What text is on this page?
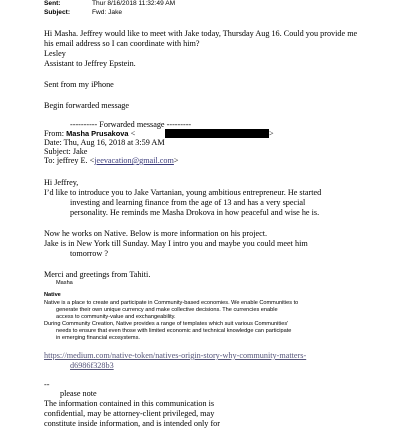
Sent:	Thur 8/16/2018 11:32:49 AM
Subject:	Fwd: Jake
Hi Masha. Jeffrey would like to meet with Jake today, Thursday Aug 16. Could you provide me
his email address so I can coordinate with him?
Lesley
Assistant to Jeffrey Epstein.
Sent from my iPhone
Begin forwarded message
---------- Forwarded message ---------
From: Masha Prusakova <	>
Date: Thu, Aug 16, 2018 at 3:59 AM
Subject: Jake
To: jeffrey E. <jeevacation@gmail.com>
Hi Jeffrey,
I’d like to introduce you to Jake Vartanian, young ambitious entrepreneur. He started
investing and learning finance from the age of 13 and has a very special
personality. He reminds me Masha Drokova in how peaceful and wise he is.
Now he works on Native. Below is more information on his project.
Jake is in New York till Sunday. May I intro you and maybe you could meet him
tomorrow ?
Merci and greetings from Tahiti.
Masha
Native
Native is a place to create and participate in Community-based economies. We enable Communities to
generate their own unique currency and make collective decisions. The currencies enable
access to community-value and exchangeability.
During Community Creation, Native provides a range of templates which suit various Communities'
needs to ensure that even those with limited economic and technical knowledge can participate
in emerging financial ecosystems.
https://medium.com/native-token/natives-origin-story-why-community-matters-
d6986f328b3
--
please note
The information contained in this communication is
confidential, may be attorney-client privileged, may
constitute inside information, and is intended only for
